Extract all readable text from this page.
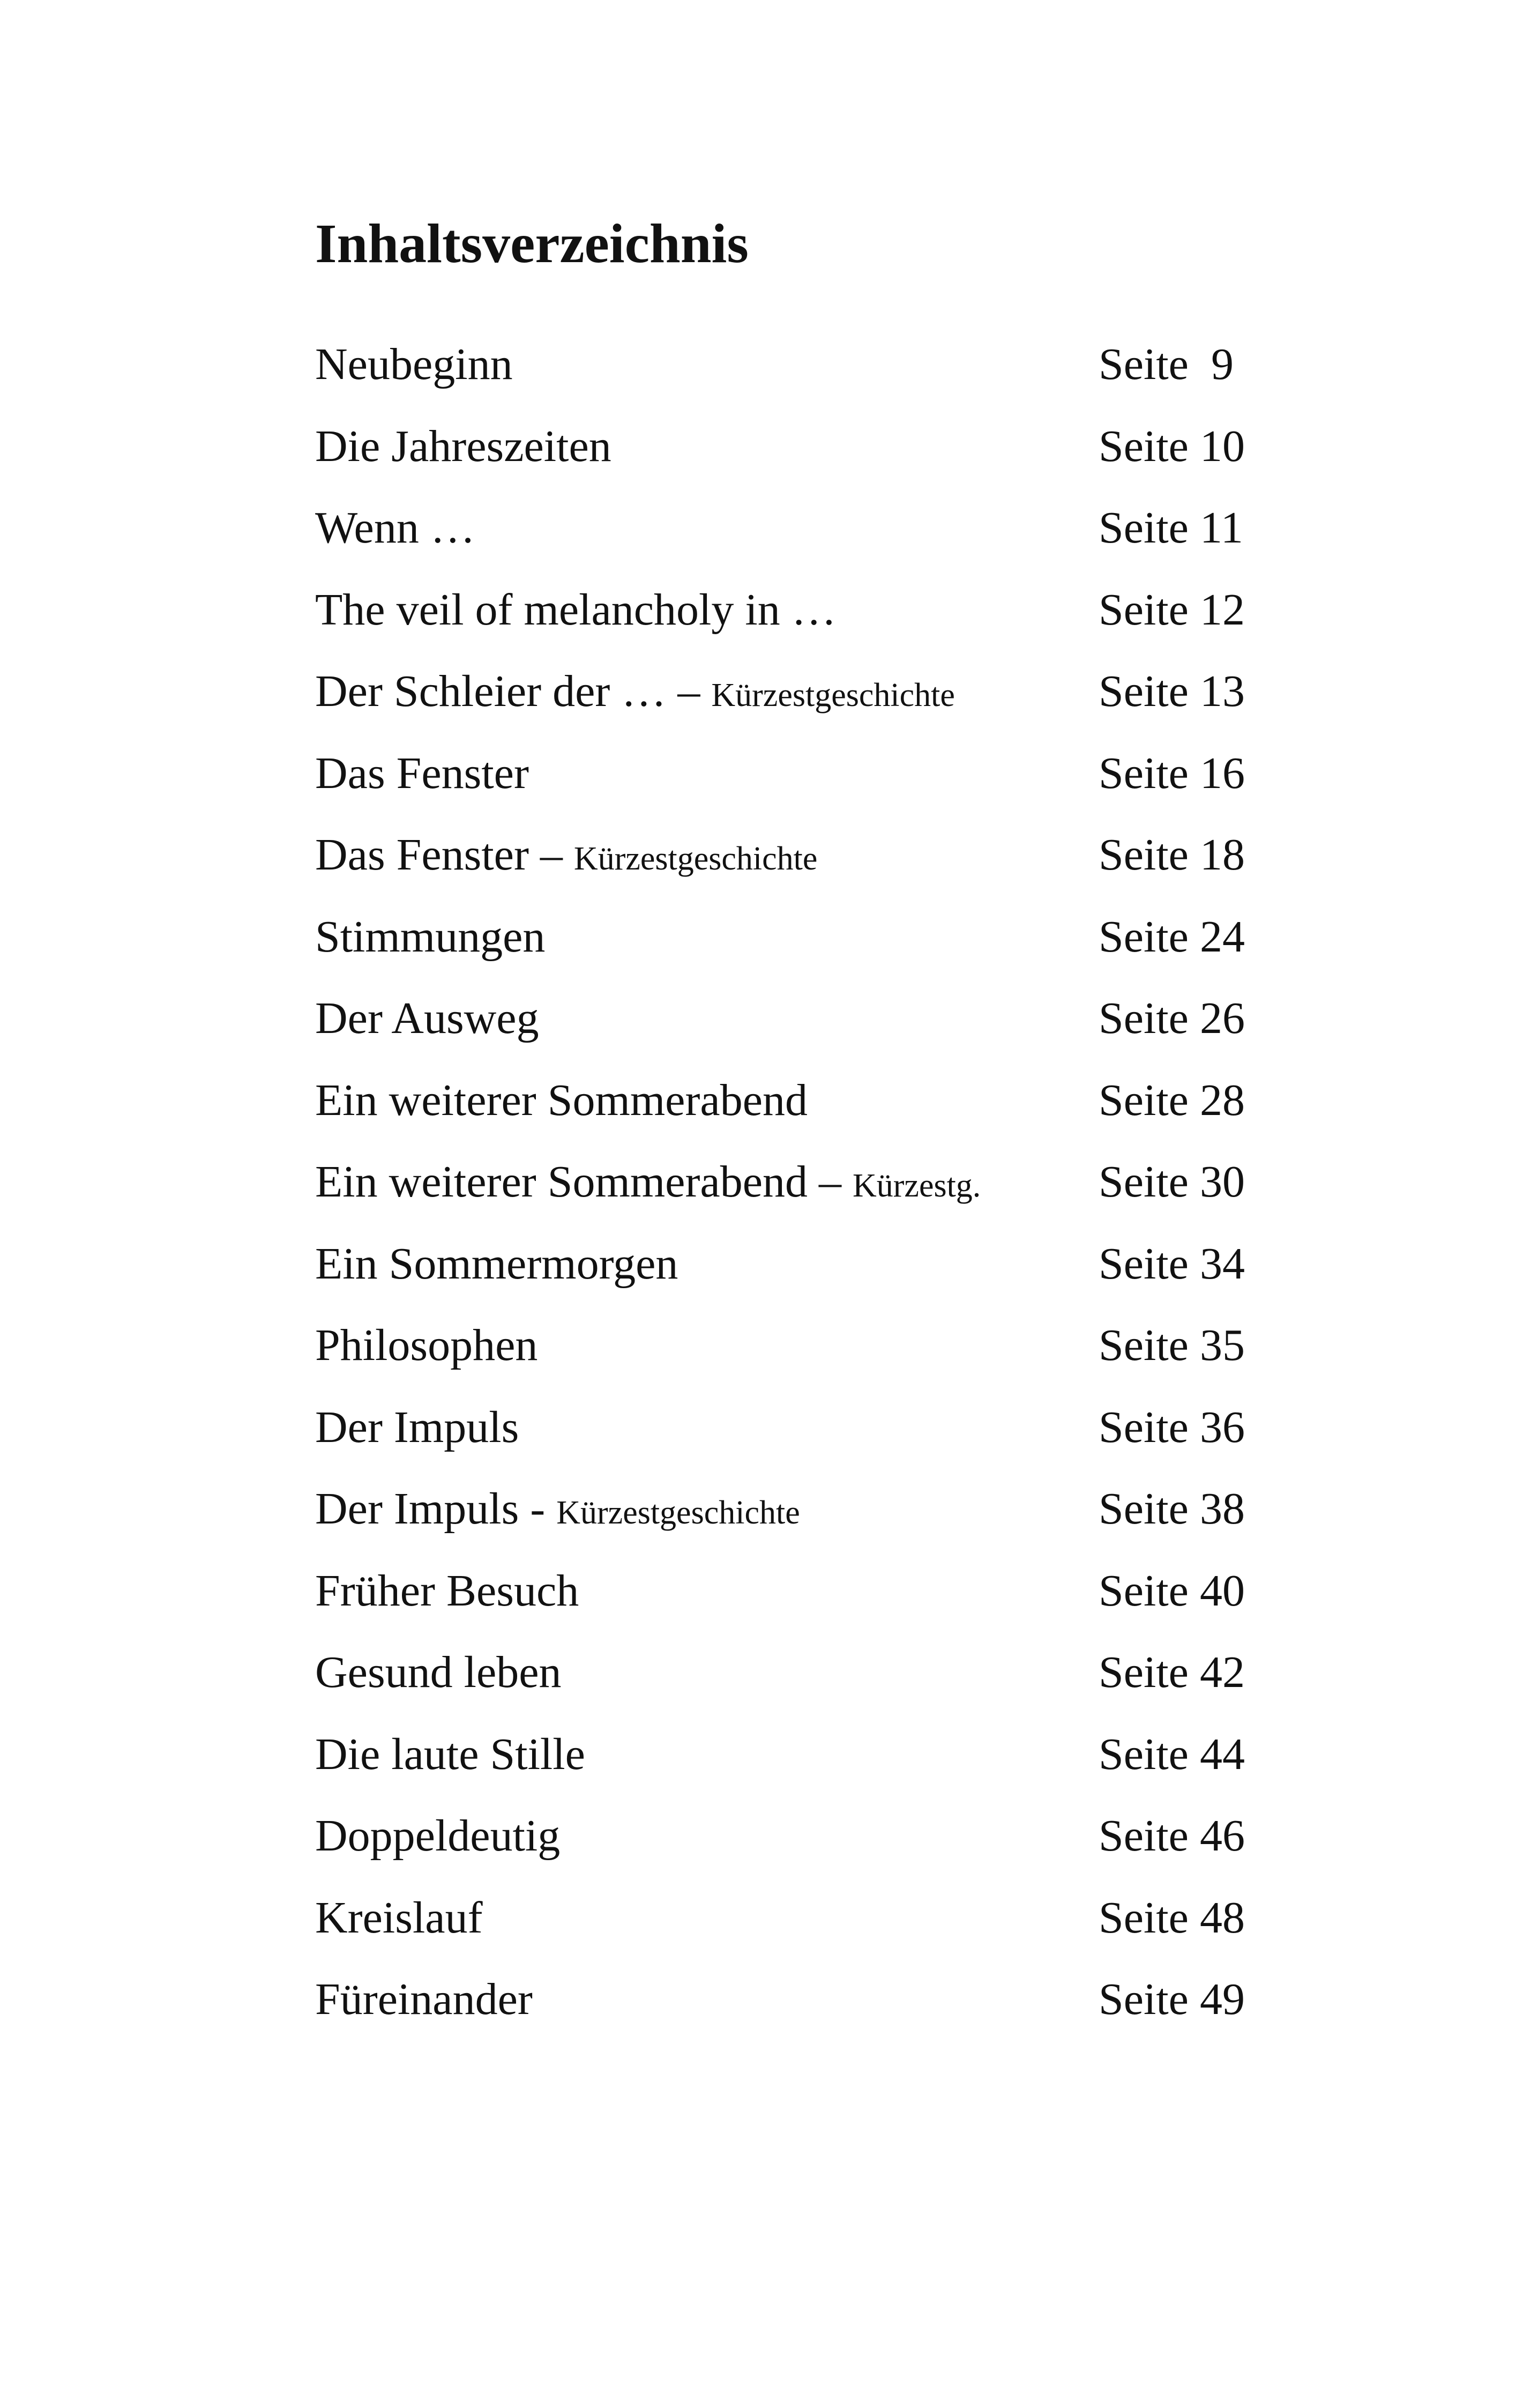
Inhaltsverzeichnis
Neubeginn	Seite  9
Die Jahreszeiten	Seite 10
Wenn …	Seite 11
The veil of melancholy in …	Seite 12
Der Schleier der … – Kürzestgeschichte	Seite 13
Das Fenster	Seite 16
Das Fenster – Kürzestgeschichte	Seite 18
Stimmungen	Seite 24
Der Ausweg	Seite 26
Ein weiterer Sommerabend	Seite 28
Ein weiterer Sommerabend – Kürzestg.	Seite 30
Ein Sommermorgen	Seite 34
Philosophen	Seite 35
Der Impuls	Seite 36
Der Impuls - Kürzestgeschichte	Seite 38
Früher Besuch	Seite 40
Gesund leben	Seite 42
Die laute Stille	Seite 44
Doppeldeutig	Seite 46
Kreislauf	Seite 48
Füreinander	Seite 49
